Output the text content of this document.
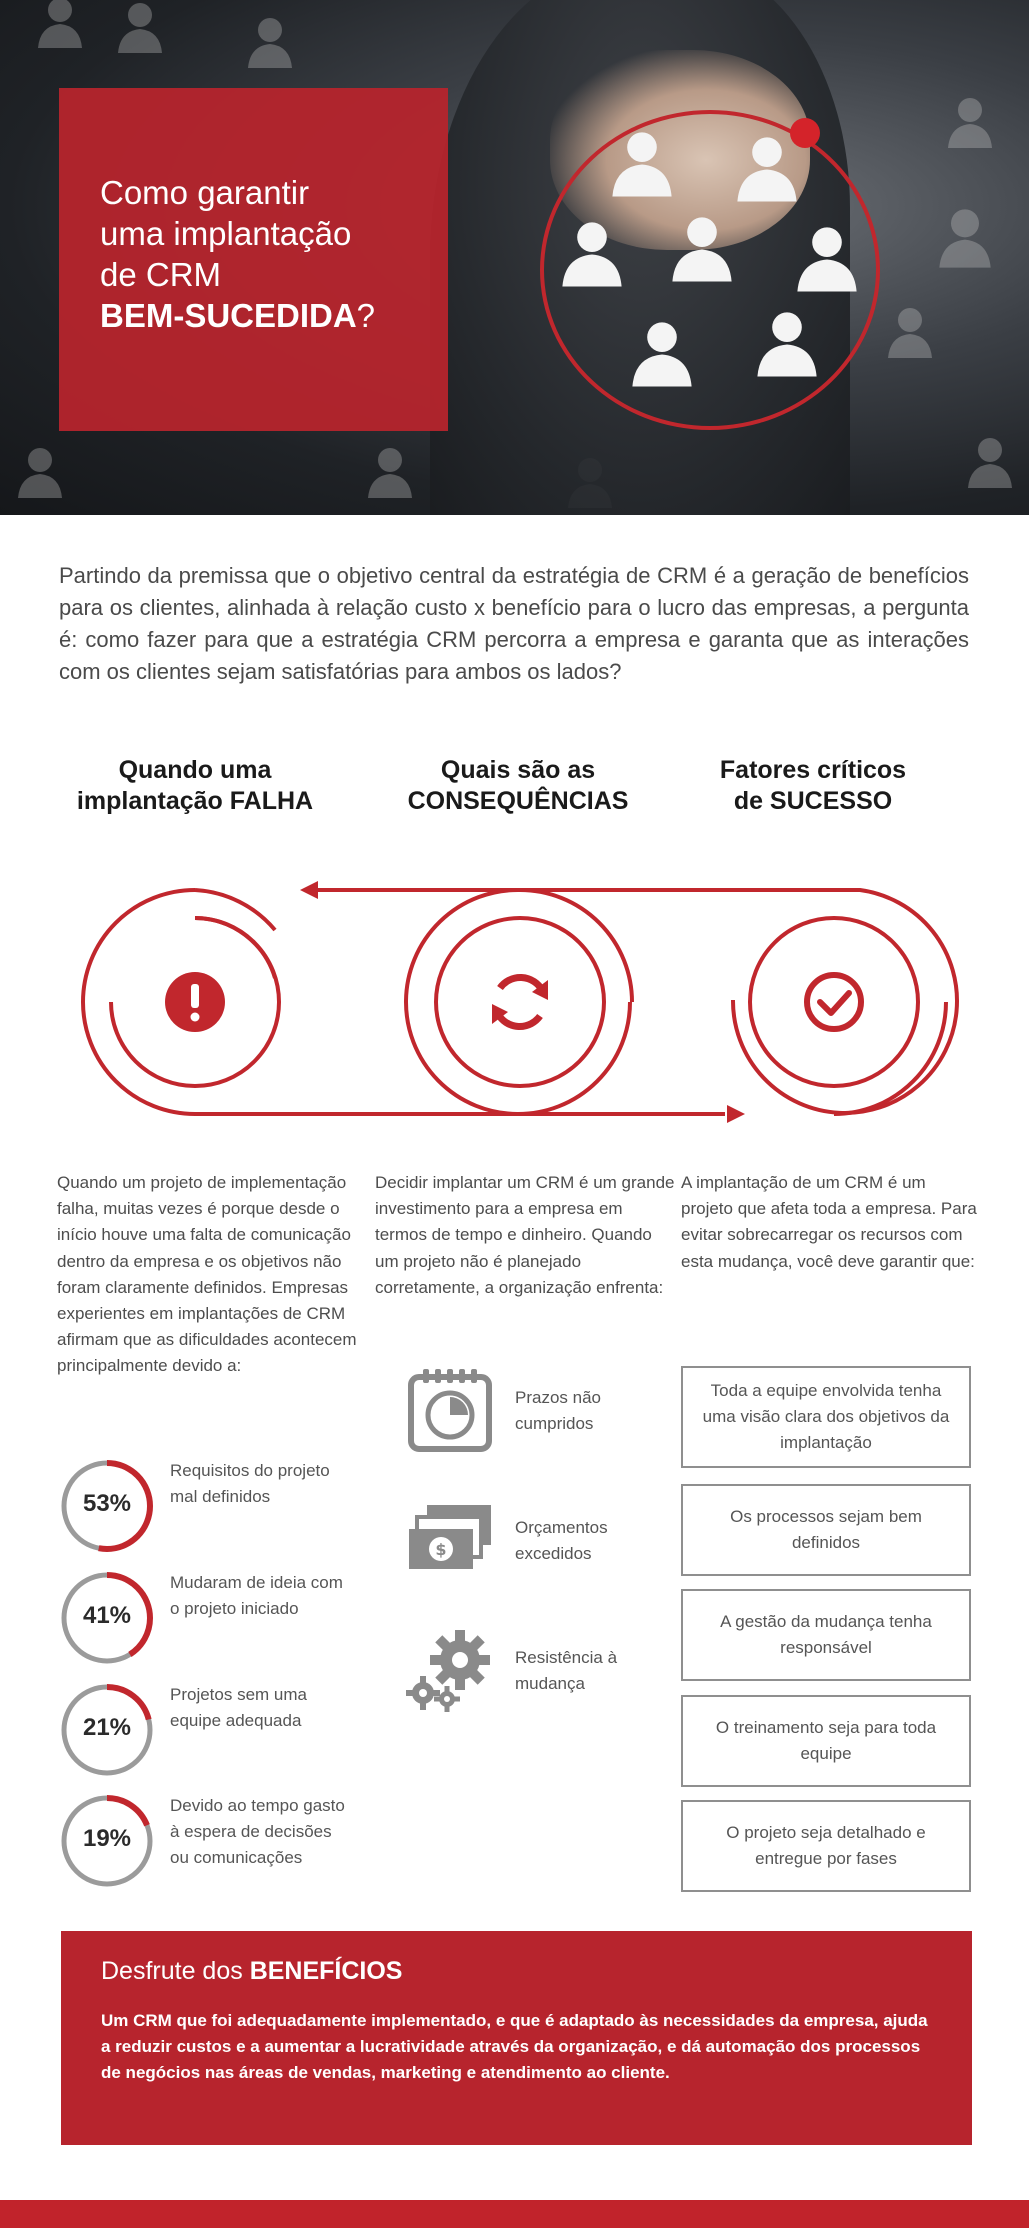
Como garantir
uma implantação
de CRM
BEM-SUCEDIDA?

Partindo da premissa que o objetivo central da estratégia de CRM é a geração de benefícios para os clientes, alinhada à relação custo x benefício para o lucro das empresas, a pergunta é: como fazer para que a estratégia CRM percorra a empresa e garanta que as interações com os clientes sejam satisfatórias para ambos os lados?

Quando uma
implantação FALHA
Quais são as
CONSEQUÊNCIAS
Fatores críticos
de SUCESSO

Quando um projeto de implementação falha, muitas vezes é porque desde o início houve uma falta de comunicação dentro da empresa e os objetivos não foram claramente definidos. Empresas experientes em implantações de CRM afirmam que as dificuldades acontecem principalmente devido a:

Decidir implantar um CRM é um grande investimento para a empresa em termos de tempo e dinheiro. Quando um projeto não é planejado corretamente, a organização enfrenta:

A implantação de um CRM é um projeto que afeta toda a empresa. Para evitar sobrecarregar os recursos com esta mudança, você deve garantir que:

53%
Requisitos do projeto mal definidos
41%
Mudaram de ideia com o projeto iniciado
21%
Projetos sem uma equipe adequada
19%
Devido ao tempo gasto à espera de decisões ou comunicações
Prazos não cumpridos
$
Orçamentos excedidos
Resistência à mudança
Toda a equipe envolvida tenha uma visão clara dos objetivos da implantação
Os processos sejam bem definidos
A gestão da mudança tenha responsável
O treinamento seja para toda equipe
O projeto seja detalhado e entregue por fases
Desfrute dos BENEFÍCIOS

Um CRM que foi adequadamente implementado, e que é adaptado às necessidades da empresa, ajuda a reduzir custos e a aumentar a lucratividade através da organização, e dá automação dos processos de negócios nas áreas de vendas, marketing e atendimento ao cliente.
